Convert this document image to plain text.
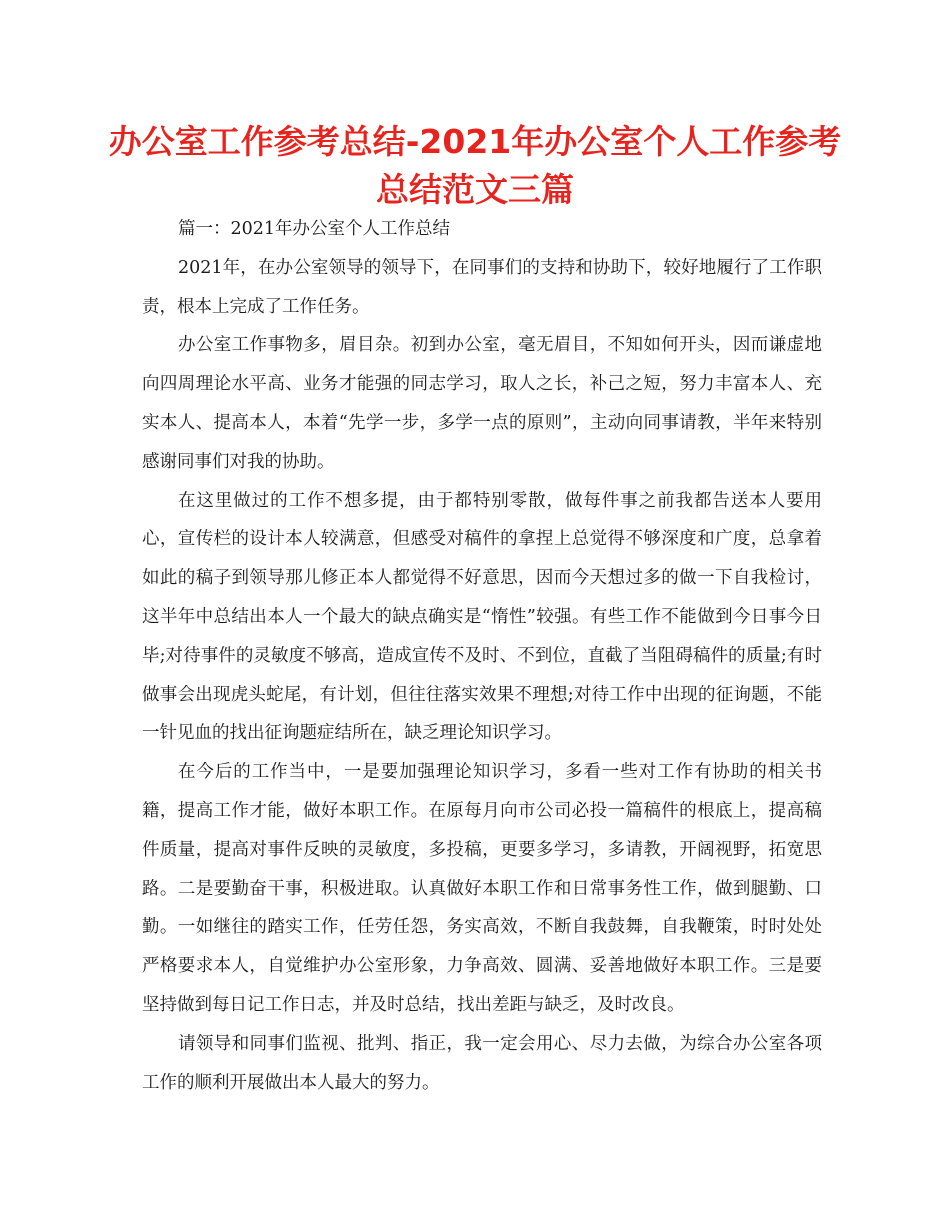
办公室工作参考总结-2021年办公室个人工作参考总结范文三篇

篇一：2021年办公室个人工作总结

2021年，在办公室领导的领导下，在同事们的支持和协助下，较好地履行了工作职责，根本上完成了工作任务。

办公室工作事物多，眉目杂。初到办公室，毫无眉目，不知如何开头，因而谦虚地向四周理论水平高、业务才能强的同志学习，取人之长，补己之短，努力丰富本人、充实本人、提高本人，本着“先学一步，多学一点的原则”，主动向同事请教，半年来特别感谢同事们对我的协助。

在这里做过的工作不想多提，由于都特别零散，做每件事之前我都告送本人要用心，宣传栏的设计本人较满意，但感受对稿件的拿捏上总觉得不够深度和广度，总拿着如此的稿子到领导那儿修正本人都觉得不好意思，因而今天想过多的做一下自我检讨，这半年中总结出本人一个最大的缺点确实是“惰性”较强。有些工作不能做到今日事今日毕;对待事件的灵敏度不够高，造成宣传不及时、不到位，直截了当阻碍稿件的质量;有时做事会出现虎头蛇尾，有计划，但往往落实效果不理想;对待工作中出现的征询题，不能一针见血的找出征询题症结所在，缺乏理论知识学习。

在今后的工作当中，一是要加强理论知识学习，多看一些对工作有协助的相关书籍，提高工作才能，做好本职工作。在原每月向市公司必投一篇稿件的根底上，提高稿件质量，提高对事件反映的灵敏度，多投稿，更要多学习，多请教，开阔视野，拓宽思路。二是要勤奋干事，积极进取。认真做好本职工作和日常事务性工作，做到腿勤、口勤。一如继往的踏实工作，任劳任怨，务实高效，不断自我鼓舞，自我鞭策，时时处处严格要求本人，自觉维护办公室形象，力争高效、圆满、妥善地做好本职工作。三是要坚持做到每日记工作日志，并及时总结，找出差距与缺乏，及时改良。

请领导和同事们监视、批判、指正，我一定会用心、尽力去做，为综合办公室各项工作的顺利开展做出本人最大的努力。
